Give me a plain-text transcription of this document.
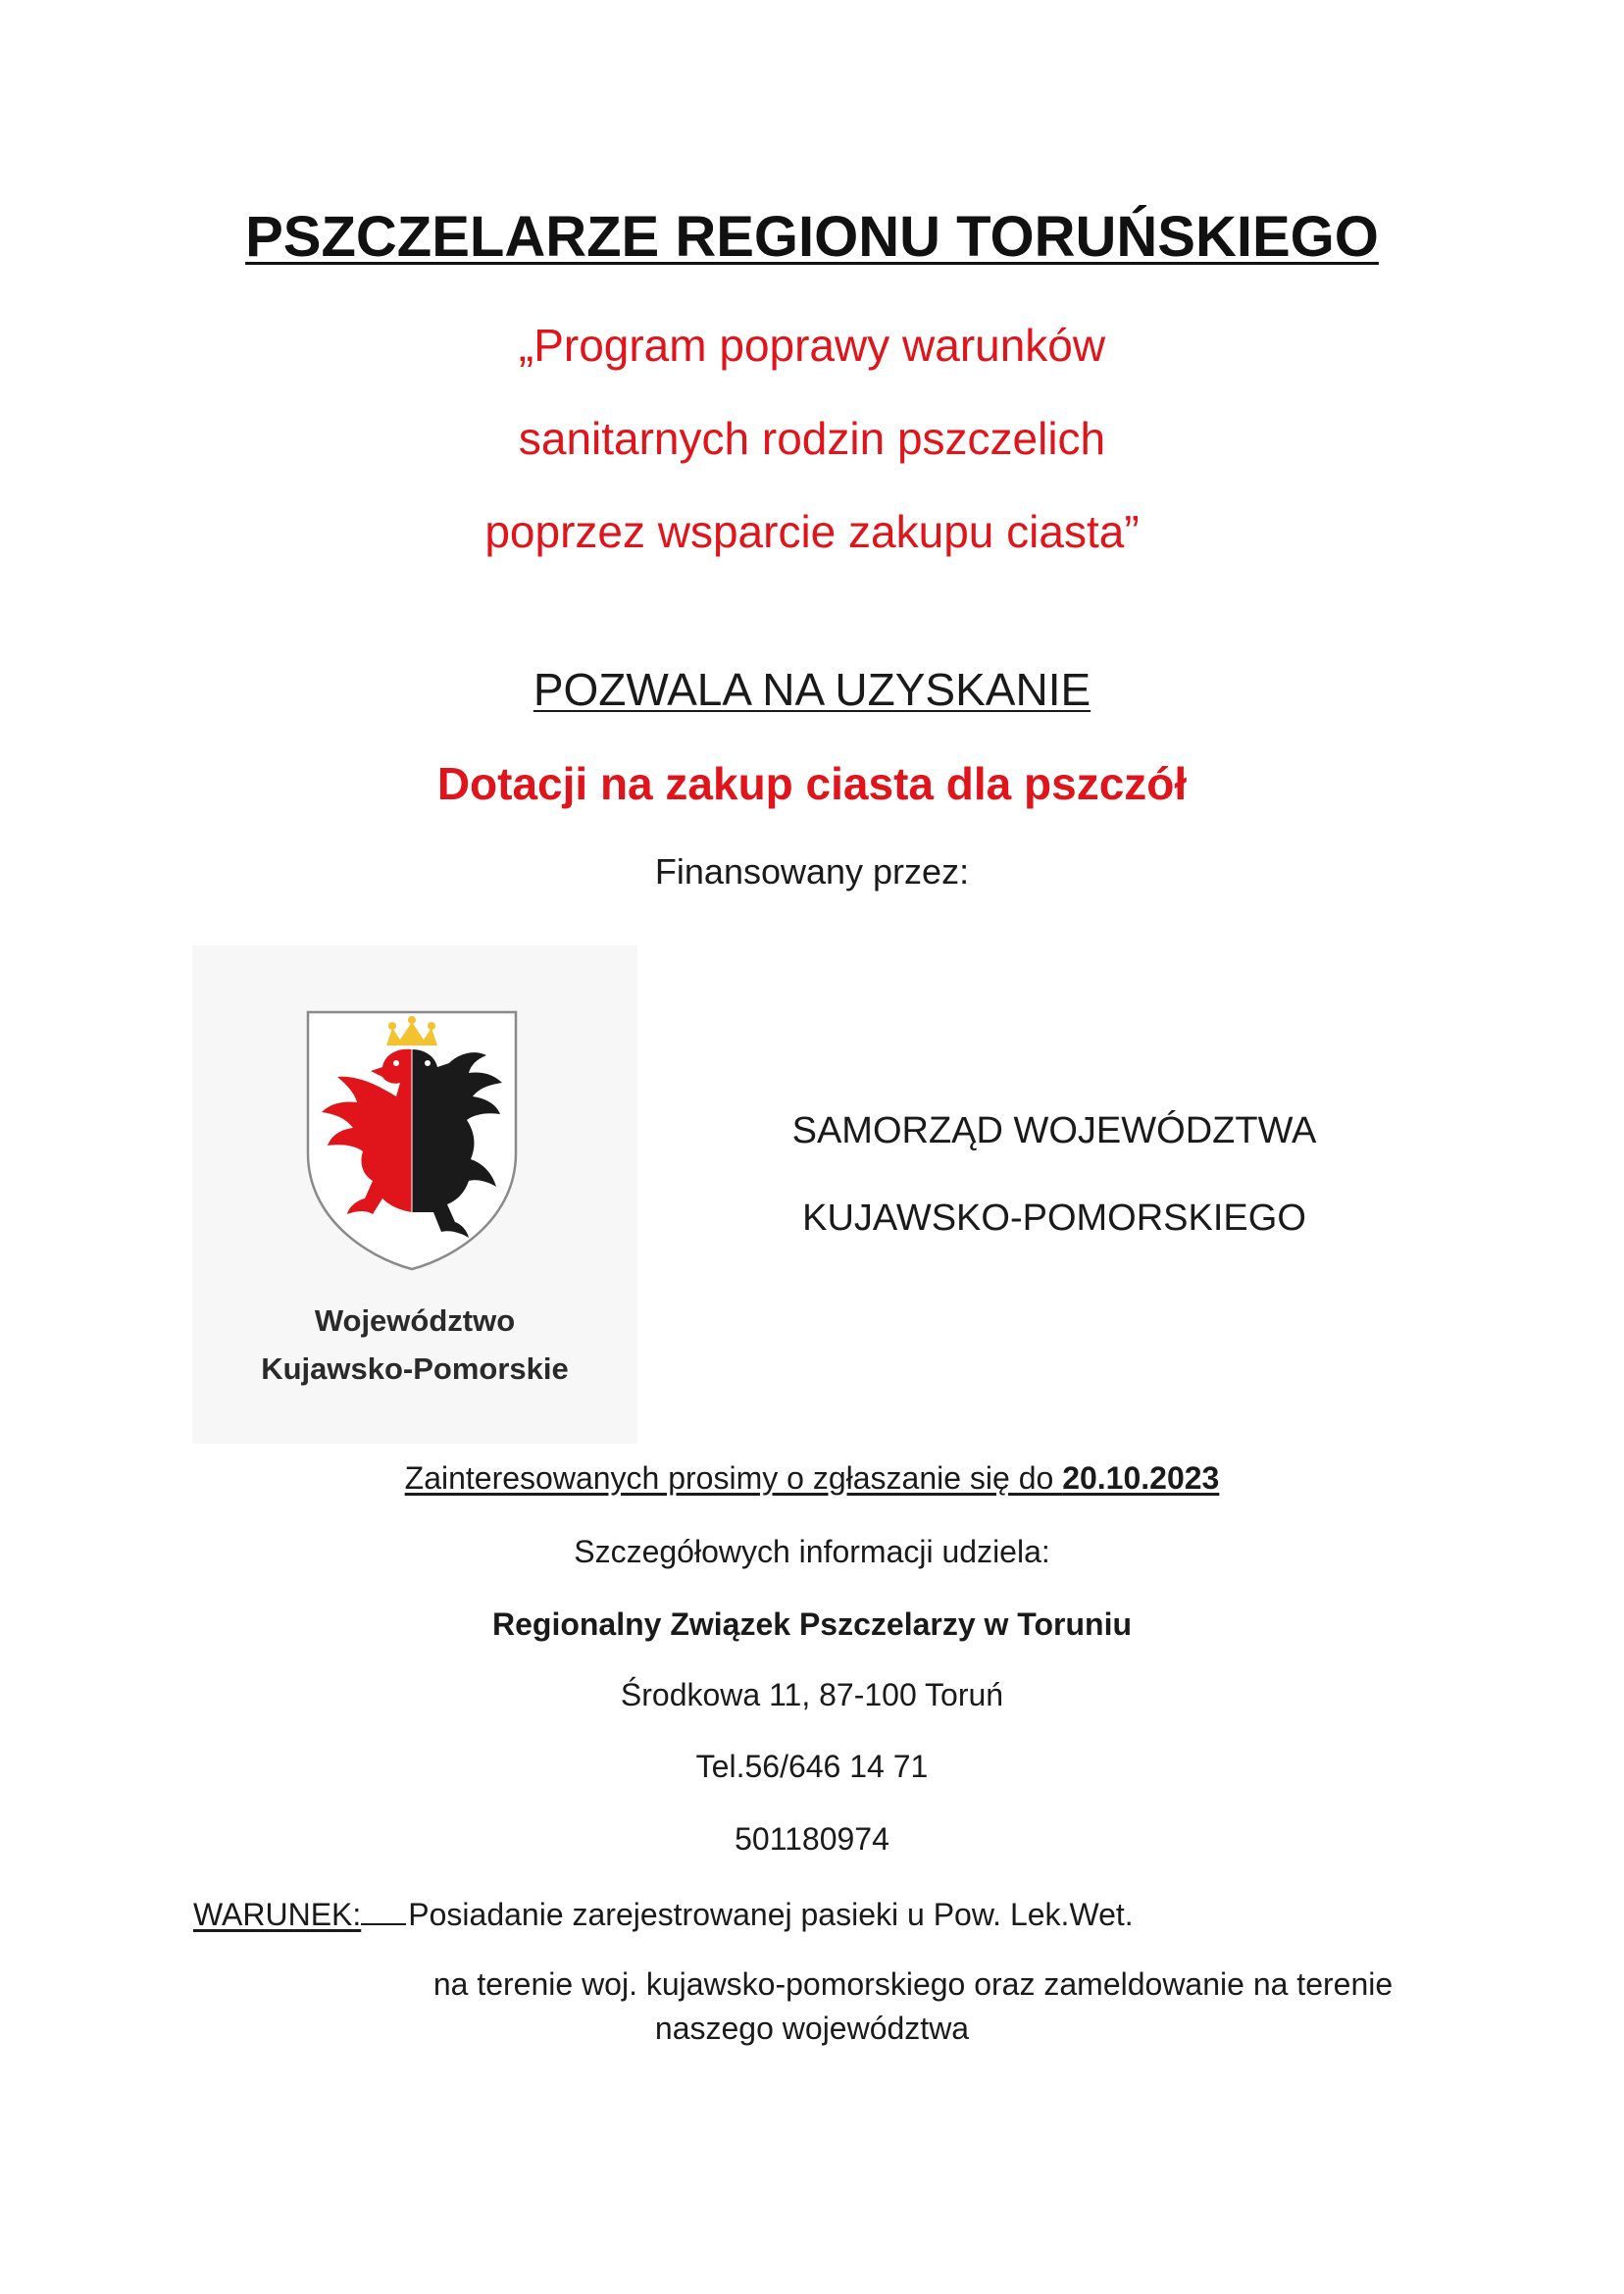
PSZCZELARZE REGIONU TORUŃSKIEGO
„Program poprawy warunków
sanitarnych rodzin pszczelich
poprzez wsparcie zakupu ciasta”
POZWALA NA UZYSKANIE
Dotacji na zakup ciasta dla pszczół
Finansowany przez:
Województwo
Kujawsko-Pomorskie
SAMORZĄD WOJEWÓDZTWA
KUJAWSKO-POMORSKIEGO
Zainteresowanych prosimy o zgłaszanie się do 20.10.2023
Szczegółowych informacji udziela:
Regionalny Związek Pszczelarzy w Toruniu
Środkowa 11, 87-100 Toruń
Tel.56/646 14 71
501180974
WARUNEK: Posiadanie zarejestrowanej pasieki u Pow. Lek.Wet.
na terenie woj. kujawsko-pomorskiego oraz zameldowanie na terenie
naszego województwa
